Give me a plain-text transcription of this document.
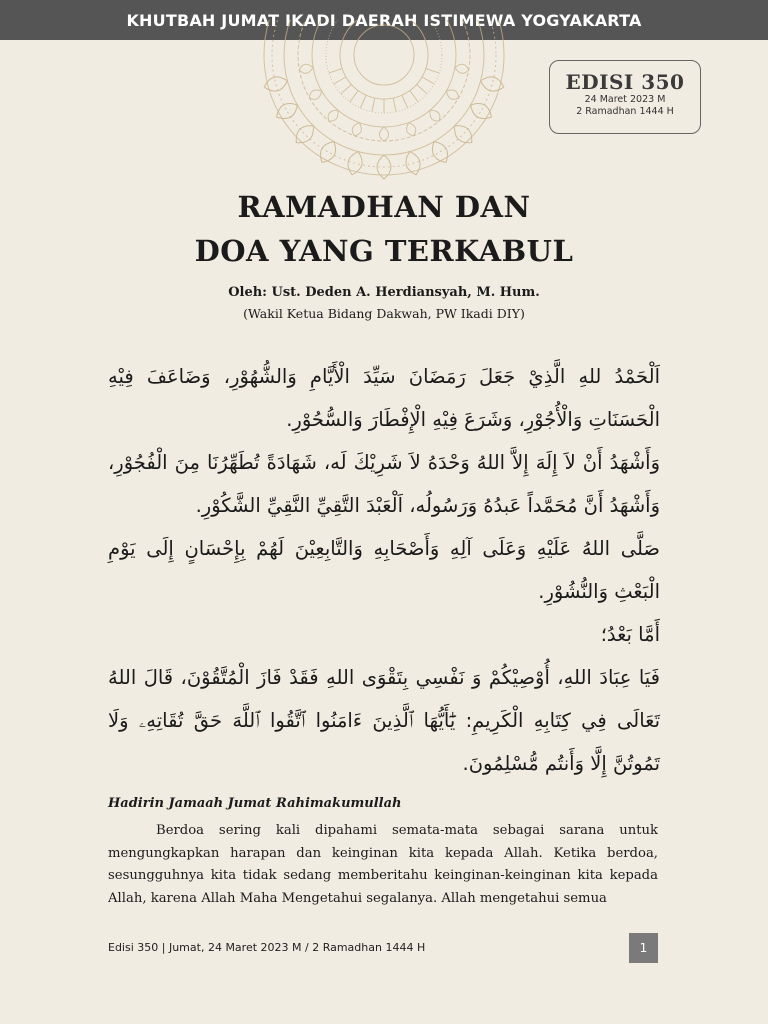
KHUTBAH JUMAT IKADI DAERAH ISTIMEWA YOGYAKARTA
EDISI 350
24 Maret 2023 M
2 Ramadhan 1444 H
RAMADHAN DAN
DOA YANG TERKABUL
Oleh: Ust. Deden A. Herdiansyah, M. Hum.
(Wakil Ketua Bidang Dakwah, PW Ikadi DIY)

اَلْحَمْدُ للهِ الَّذِيْ جَعَلَ رَمَضَانَ سَيِّدَ الْأَيَّامِ وَالشُّهُوْرِ، وَضَاعَفَ فِيْهِ الْحَسَنَاتِ وَالْأُجُوْرِ، وَشَرَعَ فِيْهِ الْإِفْطَارَ وَالسُّحُوْرِ.

وَأَشْهَدُ أَنْ لاَ إِلَهَ إِلاَّ اللهُ وَحْدَهُ لاَ شَرِيْكَ لَه، شَهَادَةً تُطَهِّرُنَا مِنَ الْفُجُوْرِ، وَأَشْهَدُ أَنَّ مُحَمَّداً عَبدُهُ وَرَسُولُه، اَلْعَبْدَ التَّقِيِّ النَّقِيِّ الشَّكُوْرِ.

صَلَّى اللهُ عَلَيْهِ وَعَلَى آلِهِ وَأَصْحَابِهِ وَالتَّابِعِيْنَ لَهُمْ بِإِحْسَانٍ إِلَى يَوْمِ الْبَعْثِ وَالنُّشُوْرِ.

أَمَّا بَعْدُ؛

فَيَا عِبَادَ اللهِ، أُوْصِيْكُمْ وَ نَفْسِي بِتَقْوَى اللهِ فَقَدْ فَازَ الْمُتَّقُوْنَ، قَالَ اللهُ تَعَالَى فِي كِتَابِهِ الْكَرِيمِ: يَٰٓأَيُّهَا ٱلَّذِينَ ءَامَنُوا ٱتَّقُوا ٱللَّهَ حَقَّ تُقَاتِهِۦ وَلَا تَمُوتُنَّ إِلَّا وَأَنتُم مُّسْلِمُونَ.

Hadirin Jamaah Jumat Rahimakumullah
Berdoa sering kali dipahami semata-mata sebagai sarana untuk mengungkapkan harapan dan keinginan kita kepada Allah. Ketika berdoa, sesungguhnya kita tidak sedang memberitahu keinginan-keinginan kita kepada Allah, karena Allah Maha Mengetahui segalanya. Allah mengetahui semua
Edisi 350 | Jumat, 24 Maret 2023 M / 2 Ramadhan 1444 H	1
